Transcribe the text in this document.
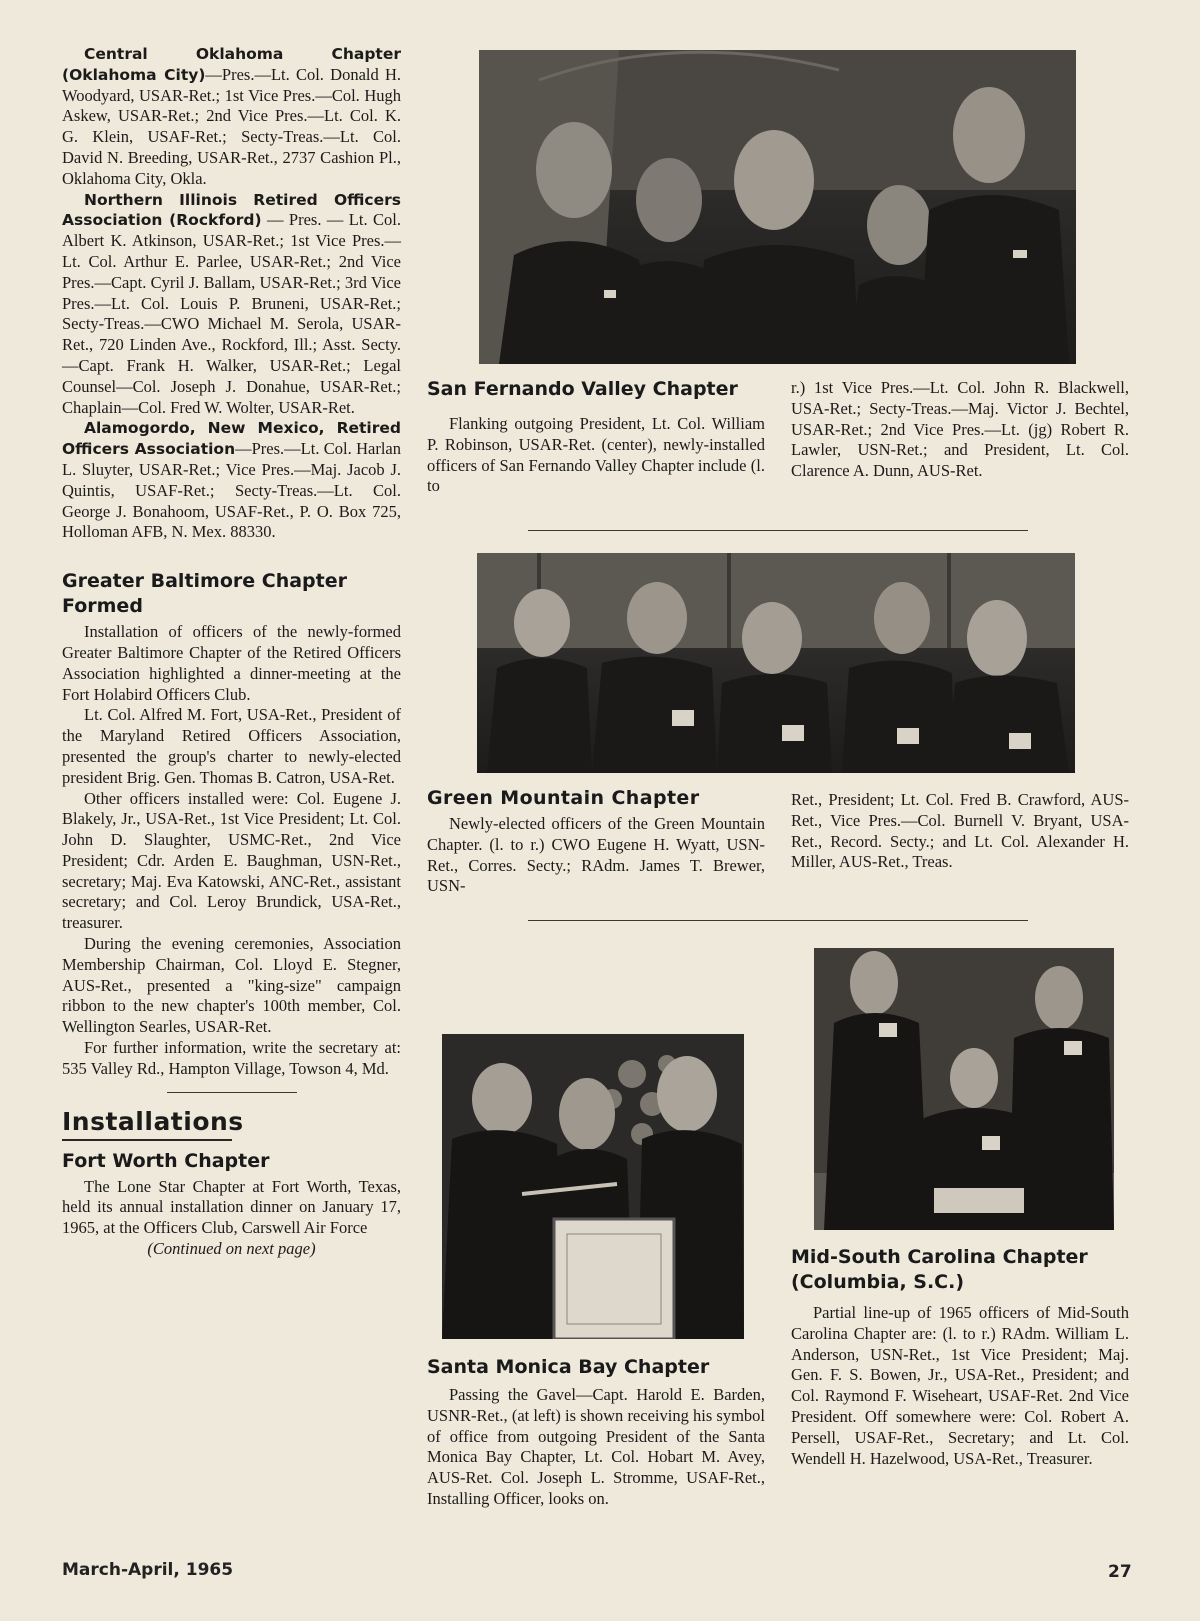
Central Oklahoma Chapter (Oklahoma City)—Pres.—Lt. Col. Donald H. Woodyard, USAR-Ret.; 1st Vice Pres.—Col. Hugh Askew, USAR-Ret.; 2nd Vice Pres.—Lt. Col. K. G. Klein, USAF-Ret.; Secty-Treas.—Lt. Col. David N. Breeding, USAR-Ret., 2737 Cashion Pl., Oklahoma City, Okla.

Northern Illinois Retired Officers Association (Rockford) — Pres. — Lt. Col. Albert K. Atkinson, USAR-Ret.; 1st Vice Pres.—Lt. Col. Arthur E. Parlee, USAR-Ret.; 2nd Vice Pres.—Capt. Cyril J. Ballam, USAR-Ret.; 3rd Vice Pres.—Lt. Col. Louis P. Bruneni, USAR-Ret.; Secty-Treas.—CWO Michael M. Serola, USAR-Ret., 720 Linden Ave., Rockford, Ill.; Asst. Secty.—Capt. Frank H. Walker, USAR-Ret.; Legal Counsel—Col. Joseph J. Donahue, USAR-Ret.; Chaplain—Col. Fred W. Wolter, USAR-Ret.

Alamogordo, New Mexico, Retired Officers Association—Pres.—Lt. Col. Harlan L. Sluyter, USAR-Ret.; Vice Pres.—Maj. Jacob J. Quintis, USAF-Ret.; Secty-Treas.—Lt. Col. George J. Bonahoom, USAF-Ret., P. O. Box 725, Holloman AFB, N. Mex. 88330.

Greater Baltimore Chapter Formed

Installation of officers of the newly-formed Greater Baltimore Chapter of the Retired Officers Association highlighted a dinner-meeting at the Fort Holabird Officers Club.

Lt. Col. Alfred M. Fort, USA-Ret., President of the Maryland Retired Officers Association, presented the group's charter to newly-elected president Brig. Gen. Thomas B. Catron, USA-Ret.

Other officers installed were: Col. Eugene J. Blakely, Jr., USA-Ret., 1st Vice President; Lt. Col. John D. Slaughter, USMC-Ret., 2nd Vice President; Cdr. Arden E. Baughman, USN-Ret., secretary; Maj. Eva Katowski, ANC-Ret., assistant secretary; and Col. Leroy Brundick, USA-Ret., treasurer.

During the evening ceremonies, Association Membership Chairman, Col. Lloyd E. Stegner, AUS-Ret., presented a "king-size" campaign ribbon to the new chapter's 100th member, Col. Wellington Searles, USAR-Ret.

For further information, write the secretary at: 535 Valley Rd., Hampton Village, Towson 4, Md.

Installations
Fort Worth Chapter

The Lone Star Chapter at Fort Worth, Texas, held its annual installation dinner on January 17, 1965, at the Officers Club, Carswell Air Force

(Continued on next page)

San Fernando Valley Chapter

Flanking outgoing President, Lt. Col. William P. Robinson, USAR-Ret. (center), newly-installed officers of San Fernando Valley Chapter include (l. to

r.) 1st Vice Pres.—Lt. Col. John R. Blackwell, USA-Ret.; Secty-Treas.—Maj. Victor J. Bechtel, USAR-Ret.; 2nd Vice Pres.—Lt. (jg) Robert R. Lawler, USN-Ret.; and President, Lt. Col. Clarence A. Dunn, AUS-Ret.

Green Mountain Chapter

Newly-elected officers of the Green Mountain Chapter. (l. to r.) CWO Eugene H. Wyatt, USN-Ret., Corres. Secty.; RAdm. James T. Brewer, USN-

Ret., President; Lt. Col. Fred B. Crawford, AUS-Ret., Vice Pres.—Col. Burnell V. Bryant, USA-Ret., Record. Secty.; and Lt. Col. Alexander H. Miller, AUS-Ret., Treas.

Santa Monica Bay Chapter

Passing the Gavel—Capt. Harold E. Barden, USNR-Ret., (at left) is shown receiving his symbol of office from outgoing President of the Santa Monica Bay Chapter, Lt. Col. Hobart M. Avey, AUS-Ret. Col. Joseph L. Stromme, USAF-Ret., Installing Officer, looks on.

Mid-South Carolina Chapter (Columbia, S.C.)

Partial line-up of 1965 officers of Mid-South Carolina Chapter are: (l. to r.) RAdm. William L. Anderson, USN-Ret., 1st Vice President; Maj. Gen. F. S. Bowen, Jr., USA-Ret., President; and Col. Raymond F. Wiseheart, USAF-Ret. 2nd Vice President. Off somewhere were: Col. Robert A. Persell, USAF-Ret., Secretary; and Lt. Col. Wendell H. Hazelwood, USA-Ret., Treasurer.

March-April, 1965	27
